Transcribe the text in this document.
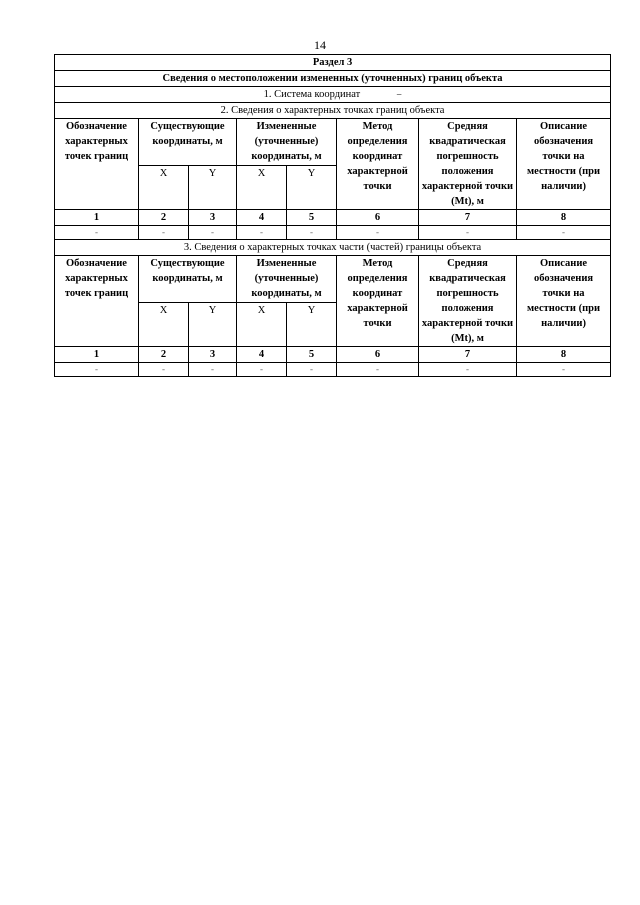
14
Раздел 3							
Сведения о местоположении измененных (уточненных) границ объекта							
1. Система координат –							
2. Сведения о характерных точках границ объекта							
Обозначение характерных точек границ	Существующие координаты, м		Измененные (уточненные) координаты, м		Метод определения координат характерной точки	Средняя квадратическая погрешность положения характерной точки (Mt), м	Описание обозначения точки на местности (при наличии)
	X	Y	X	Y			
1	2	3	4	5	6	7	8
-	-	-	-	-	-	-	-
3. Сведения о характерных точках части (частей) границы объекта							
Обозначение характерных точек границ	Существующие координаты, м		Измененные (уточненные) координаты, м		Метод определения координат характерной точки	Средняя квадратическая погрешность положения характерной точки (Mt), м	Описание обозначения точки на местности (при наличии)
	X	Y	X	Y			
1	2	3	4	5	6	7	8
-	-	-	-	-	-	-	-
